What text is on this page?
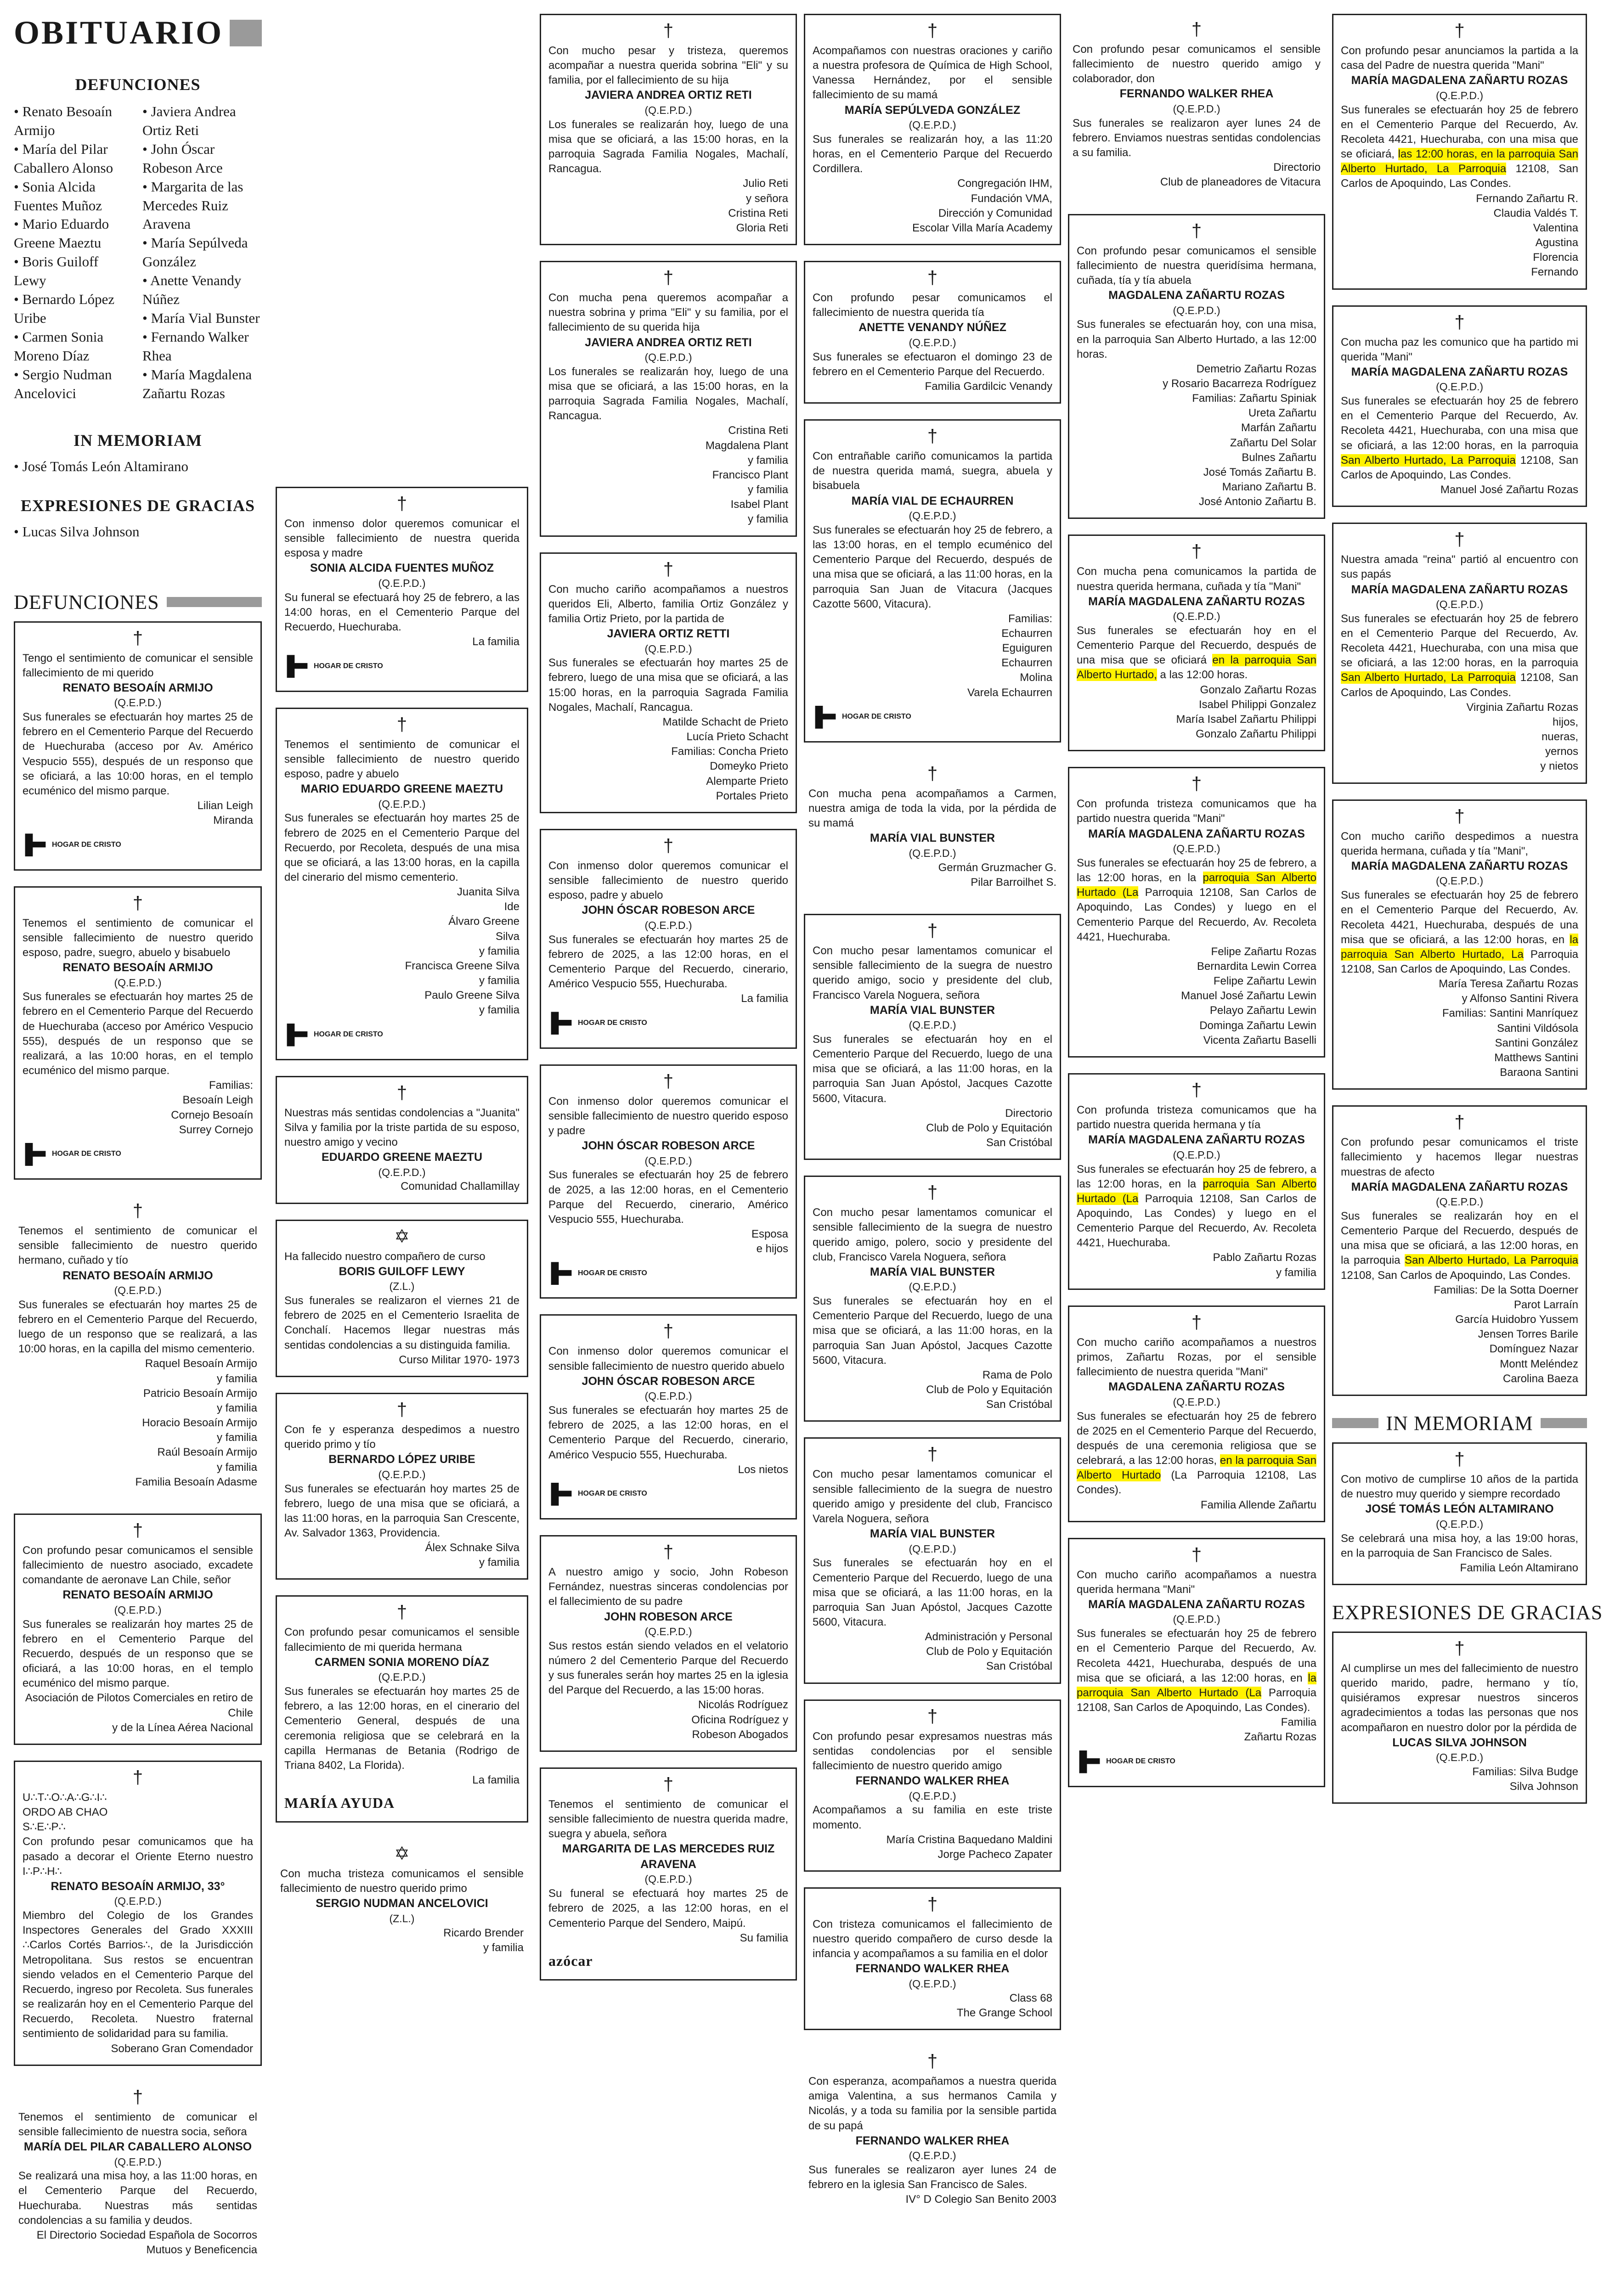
OBITUARIO
DEFUNCIONES
• Renato Besoaín Armijo
• María del Pilar Caballero Alonso
• Sonia Alcida Fuentes Muñoz
• Mario Eduardo Greene Maeztu
• Boris Guiloff Lewy
• Bernardo López Uribe
• Carmen Sonia Moreno Díaz
• Sergio Nudman Ancelovici
• Javiera Andrea Ortiz Reti
• John Óscar Robeson Arce
• Margarita de las Mercedes Ruiz Aravena
• María Sepúlveda González
• Anette Venandy Núñez
• María Vial Bunster
• Fernando Walker Rhea
• María Magdalena Zañartu Rozas
IN MEMORIAM
• José Tomás León Altamirano
EXPRESIONES DE GRACIAS
• Lucas Silva Johnson
DEFUNCIONES
†
Tengo el sentimiento de comunicar el sensible fallecimiento de mi querido
RENATO BESOAÍN ARMIJO
(Q.E.P.D.)
Sus funerales se efectuarán hoy martes 25 de febrero en el Cementerio Parque del Recuerdo de Huechuraba (acceso por Av. Américo Vespucio 555), después de un responso que se oficiará, a las 10:00 horas, en el templo ecuménico del mismo parque.
Lilian Leigh
Miranda
HOGAR DE CRISTO
†
Tenemos el sentimiento de comunicar el sensible fallecimiento de nuestro querido esposo, padre, suegro, abuelo y bisabuelo
RENATO BESOAÍN ARMIJO
(Q.E.P.D.)
Sus funerales se efectuarán hoy martes 25 de febrero en el Cementerio Parque del Recuerdo de Huechuraba (acceso por Américo Vespucio 555), después de un responso que se realizará, a las 10:00 horas, en el templo ecuménico del mismo parque.
Familias:
Besoaín Leigh
Cornejo Besoaín
Surrey Cornejo
HOGAR DE CRISTO
†
Tenemos el sentimiento de comunicar el sensible fallecimiento de nuestro querido hermano, cuñado y tío
RENATO BESOAÍN ARMIJO
(Q.E.P.D.)
Sus funerales se efectuarán hoy martes 25 de febrero en el Cementerio Parque del Recuerdo, luego de un responso que se realizará, a las 10:00 horas, en la capilla del mismo cementerio.
Raquel Besoaín Armijo
y familia
Patricio Besoaín Armijo
y familia
Horacio Besoaín Armijo
y familia
Raúl Besoaín Armijo
y familia
Familia Besoaín Adasme
†
Con profundo pesar comunicamos el sensible fallecimiento de nuestro asociado, excadete comandante de aeronave Lan Chile, señor
RENATO BESOAÍN ARMIJO
(Q.E.P.D.)
Sus funerales se realizarán hoy martes 25 de febrero en el Cementerio Parque del Recuerdo, después de un responso que se oficiará, a las 10:00 horas, en el templo ecuménico del mismo parque.
Asociación de Pilotos Comerciales en retiro de Chile
y de la Línea Aérea Nacional
†
U∴T∴O∴A∴G∴I∴
ORDO AB CHAO
S∴E∴P∴
Con profundo pesar comunicamos que ha pasado a decorar el Oriente Eterno nuestro I∴P∴H∴
RENATO BESOAÍN ARMIJO, 33°
(Q.E.P.D.)
Miembro del Colegio de los Grandes Inspectores Generales del Grado XXXIII ∴Carlos Cortés Barrios∴, de la Jurisdicción Metropolitana. Sus restos se encuentran siendo velados en el Cementerio Parque del Recuerdo, ingreso por Recoleta. Sus funerales se realizarán hoy en el Cementerio Parque del Recuerdo, Recoleta. Nuestro fraternal sentimiento de solidaridad para su familia.
Soberano Gran Comendador
†
Tenemos el sentimiento de comunicar el sensible fallecimiento de nuestra socia, señora
MARÍA DEL PILAR CABALLERO ALONSO
(Q.E.P.D.)
Se realizará una misa hoy, a las 11:00 horas, en el Cementerio Parque del Recuerdo, Huechuraba. Nuestras más sentidas condolencias a su familia y deudos.
El Directorio Sociedad Española de Socorros Mutuos y Beneficencia
†
Con inmenso dolor queremos comunicar el sensible fallecimiento de nuestra querida esposa y madre
SONIA ALCIDA FUENTES MUÑOZ
(Q.E.P.D.)
Su funeral se efectuará hoy 25 de febrero, a las 14:00 horas, en el Cementerio Parque del Recuerdo, Huechuraba.
La familia
HOGAR DE CRISTO
†
Tenemos el sentimiento de comunicar el sensible fallecimiento de nuestro querido esposo, padre y abuelo
MARIO EDUARDO GREENE MAEZTU
(Q.E.P.D.)
Sus funerales se efectuarán hoy martes 25 de febrero de 2025 en el Cementerio Parque del Recuerdo, por Recoleta, después de una misa que se oficiará, a las 13:00 horas, en la capilla del cinerario del mismo cementerio.
Juanita Silva
Ide
Álvaro Greene
Silva
y familia
Francisca Greene Silva
y familia
Paulo Greene Silva
y familia
HOGAR DE CRISTO
†
Nuestras más sentidas condolencias a "Juanita" Silva y familia por la triste partida de su esposo, nuestro amigo y vecino
EDUARDO GREENE MAEZTU
(Q.E.P.D.)
Comunidad Challamillay
✡
Ha fallecido nuestro compañero de curso
BORIS GUILOFF LEWY
(Z.L.)
Sus funerales se realizaron el viernes 21 de febrero de 2025 en el Cementerio Israelita de Conchalí. Hacemos llegar nuestras más sentidas condolencias a su distinguida familia.
Curso Militar 1970- 1973
†
Con fe y esperanza despedimos a nuestro querido primo y tío
BERNARDO LÓPEZ URIBE
(Q.E.P.D.)
Sus funerales se efectuarán hoy martes 25 de febrero, luego de una misa que se oficiará, a las 11:00 horas, en la parroquia San Crescente, Av. Salvador 1363, Providencia.
Álex Schnake Silva
y familia
†
Con profundo pesar comunicamos el sensible fallecimiento de mi querida hermana
CARMEN SONIA MORENO DÍAZ
(Q.E.P.D.)
Sus funerales se efectuarán hoy martes 25 de febrero, a las 12:00 horas, en el cinerario del Cementerio General, después de una ceremonia religiosa que se celebrará en la capilla Hermanas de Betania (Rodrigo de Triana 8402, La Florida).
La familia
MARÍA AYUDA
✡
Con mucha tristeza comunicamos el sensible fallecimiento de nuestro querido primo
SERGIO NUDMAN ANCELOVICI
(Z.L.)
Ricardo Brender
y familia
†
Con mucho pesar y tristeza, queremos acompañar a nuestra querida sobrina "Eli" y su familia, por el fallecimiento de su hija
JAVIERA ANDREA ORTIZ RETI
(Q.E.P.D.)
Los funerales se realizarán hoy, luego de una misa que se oficiará, a las 15:00 horas, en la parroquia Sagrada Familia Nogales, Machalí, Rancagua.
Julio Reti
y señora
Cristina Reti
Gloria Reti
†
Con mucha pena queremos acompañar a nuestra sobrina y prima "Eli" y su familia, por el fallecimiento de su querida hija
JAVIERA ANDREA ORTIZ RETI
(Q.E.P.D.)
Los funerales se realizarán hoy, luego de una misa que se oficiará, a las 15:00 horas, en la parroquia Sagrada Familia Nogales, Machalí, Rancagua.
Cristina Reti
Magdalena Plant
y familia
Francisco Plant
y familia
Isabel Plant
y familia
†
Con mucho cariño acompañamos a nuestros queridos Eli, Alberto, familia Ortiz González y familia Ortiz Prieto, por la partida de
JAVIERA ORTIZ RETTI
(Q.E.P.D.)
Sus funerales se efectuarán hoy martes 25 de febrero, luego de una misa que se oficiará, a las 15:00 horas, en la parroquia Sagrada Familia Nogales, Machalí, Rancagua.
Matilde Schacht de Prieto
Lucía Prieto Schacht
Familias: Concha Prieto
Domeyko Prieto
Alemparte Prieto
Portales Prieto
†
Con inmenso dolor queremos comunicar el sensible fallecimiento de nuestro querido esposo, padre y abuelo
JOHN ÓSCAR ROBESON ARCE
(Q.E.P.D.)
Sus funerales se efectuarán hoy martes 25 de febrero de 2025, a las 12:00 horas, en el Cementerio Parque del Recuerdo, cinerario, Américo Vespucio 555, Huechuraba.
La familia
HOGAR DE CRISTO
†
Con inmenso dolor queremos comunicar el sensible fallecimiento de nuestro querido esposo y padre
JOHN ÓSCAR ROBESON ARCE
(Q.E.P.D.)
Sus funerales se efectuarán hoy 25 de febrero de 2025, a las 12:00 horas, en el Cementerio Parque del Recuerdo, cinerario, Américo Vespucio 555, Huechuraba.
Esposa
e hijos
HOGAR DE CRISTO
†
Con inmenso dolor queremos comunicar el sensible fallecimiento de nuestro querido abuelo
JOHN ÓSCAR ROBESON ARCE
(Q.E.P.D.)
Sus funerales se efectuarán hoy martes 25 de febrero de 2025, a las 12:00 horas, en el Cementerio Parque del Recuerdo, cinerario, Américo Vespucio 555, Huechuraba.
Los nietos
HOGAR DE CRISTO
†
A nuestro amigo y socio, John Robeson Fernández, nuestras sinceras condolencias por el fallecimiento de su padre
JOHN ROBESON ARCE
(Q.E.P.D.)
Sus restos están siendo velados en el velatorio número 2 del Cementerio Parque del Recuerdo y sus funerales serán hoy martes 25 en la iglesia del Parque del Recuerdo, a las 15:00 horas.
Nicolás Rodríguez
Oficina Rodríguez y
Robeson Abogados
†
Tenemos el sentimiento de comunicar el sensible fallecimiento de nuestra querida madre, suegra y abuela, señora
MARGARITA DE LAS MERCEDES RUIZ ARAVENA
(Q.E.P.D.)
Su funeral se efectuará hoy martes 25 de febrero de 2025, a las 12:00 horas, en el Cementerio Parque del Sendero, Maipú.
Su familia
azócar
†
Acompañamos con nuestras oraciones y cariño a nuestra profesora de Química de High School, Vanessa Hernández, por el sensible fallecimiento de su mamá
MARÍA SEPÚLVEDA GONZÁLEZ
(Q.E.P.D.)
Sus funerales se realizarán hoy, a las 11:20 horas, en el Cementerio Parque del Recuerdo Cordillera.
Congregación IHM,
Fundación VMA,
Dirección y Comunidad
Escolar Villa María Academy
†
Con profundo pesar comunicamos el fallecimiento de nuestra querida tía
ANETTE VENANDY NÚÑEZ
(Q.E.P.D.)
Sus funerales se efectuaron el domingo 23 de febrero en el Cementerio Parque del Recuerdo.
Familia Gardilcic Venandy
†
Con entrañable cariño comunicamos la partida de nuestra querida mamá, suegra, abuela y bisabuela
MARÍA VIAL DE ECHAURREN
(Q.E.P.D.)
Sus funerales se efectuarán hoy 25 de febrero, a las 13:00 horas, en el templo ecuménico del Cementerio Parque del Recuerdo, después de una misa que se oficiará, a las 11:00 horas, en la parroquia San Juan de Vitacura (Jacques Cazotte 5600, Vitacura).
Familias:
Echaurren
Eguiguren
Echaurren
Molina
Varela Echaurren
HOGAR DE CRISTO
†
Con mucha pena acompañamos a Carmen, nuestra amiga de toda la vida, por la pérdida de su mamá
MARÍA VIAL BUNSTER
(Q.E.P.D.)
Germán Gruzmacher G.
Pilar Barroilhet S.
†
Con mucho pesar lamentamos comunicar el sensible fallecimiento de la suegra de nuestro querido amigo, socio y presidente del club, Francisco Varela Noguera, señora
MARÍA VIAL BUNSTER
(Q.E.P.D.)
Sus funerales se efectuarán hoy en el Cementerio Parque del Recuerdo, luego de una misa que se oficiará, a las 11:00 horas, en la parroquia San Juan Apóstol, Jacques Cazotte 5600, Vitacura.
Directorio
Club de Polo y Equitación
San Cristóbal
†
Con mucho pesar lamentamos comunicar el sensible fallecimiento de la suegra de nuestro querido amigo, polero, socio y presidente del club, Francisco Varela Noguera, señora
MARÍA VIAL BUNSTER
(Q.E.P.D.)
Sus funerales se efectuarán hoy en el Cementerio Parque del Recuerdo, luego de una misa que se oficiará, a las 11:00 horas, en la parroquia San Juan Apóstol, Jacques Cazotte 5600, Vitacura.
Rama de Polo
Club de Polo y Equitación
San Cristóbal
†
Con mucho pesar lamentamos comunicar el sensible fallecimiento de la suegra de nuestro querido amigo y presidente del club, Francisco Varela Noguera, señora
MARÍA VIAL BUNSTER
(Q.E.P.D.)
Sus funerales se efectuarán hoy en el Cementerio Parque del Recuerdo, luego de una misa que se oficiará, a las 11:00 horas, en la parroquia San Juan Apóstol, Jacques Cazotte 5600, Vitacura.
Administración y Personal
Club de Polo y Equitación
San Cristóbal
†
Con profundo pesar expresamos nuestras más sentidas condolencias por el sensible fallecimiento de nuestro querido amigo
FERNANDO WALKER RHEA
(Q.E.P.D.)
Acompañamos a su familia en este triste momento.
María Cristina Baquedano Maldini
Jorge Pacheco Zapater
†
Con tristeza comunicamos el fallecimiento de nuestro querido compañero de curso desde la infancia y acompañamos a su familia en el dolor
FERNANDO WALKER RHEA
(Q.E.P.D.)
Class 68
The Grange School
†
Con esperanza, acompañamos a nuestra querida amiga Valentina, a sus hermanos Camila y Nicolás, y a toda su familia por la sensible partida de su papá
FERNANDO WALKER RHEA
(Q.E.P.D.)
Sus funerales se realizaron ayer lunes 24 de febrero en la iglesia San Francisco de Sales.
IV° D Colegio San Benito 2003
†
Con profundo pesar comunicamos el sensible fallecimiento de nuestro querido amigo y colaborador, don
FERNANDO WALKER RHEA
(Q.E.P.D.)
Sus funerales se realizaron ayer lunes 24 de febrero. Enviamos nuestras sentidas condolencias a su familia.
Directorio
Club de planeadores de Vitacura
†
Con profundo pesar comunicamos el sensible fallecimiento de nuestra queridísima hermana, cuñada, tía y tía abuela
MAGDALENA ZAÑARTU ROZAS
(Q.E.P.D.)
Sus funerales se efectuarán hoy, con una misa, en la parroquia San Alberto Hurtado, a las 12:00 horas.
Demetrio Zañartu Rozas
y Rosario Bacarreza Rodríguez
Familias: Zañartu Spiniak
Ureta Zañartu
Marfán Zañartu
Zañartu Del Solar
Bulnes Zañartu
José Tomás Zañartu B.
Mariano Zañartu B.
José Antonio Zañartu B.
†
Con mucha pena comunicamos la partida de nuestra querida hermana, cuñada y tía "Mani"
MARÍA MAGDALENA ZAÑARTU ROZAS
(Q.E.P.D.)
Sus funerales se efectuarán hoy en el Cementerio Parque del Recuerdo, después de una misa que se oficiará en la parroquia San Alberto Hurtado, a las 12:00 horas.
Gonzalo Zañartu Rozas
Isabel Philippi Gonzalez
María Isabel Zañartu Philippi
Gonzalo Zañartu Philippi
†
Con profunda tristeza comunicamos que ha partido nuestra querida "Mani"
MARÍA MAGDALENA ZAÑARTU ROZAS
(Q.E.P.D.)
Sus funerales se efectuarán hoy 25 de febrero, a las 12:00 horas, en la parroquia San Alberto Hurtado (La Parroquia 12108, San Carlos de Apoquindo, Las Condes) y luego en el Cementerio Parque del Recuerdo, Av. Recoleta 4421, Huechuraba.
Felipe Zañartu Rozas
Bernardita Lewin Correa
Felipe Zañartu Lewin
Manuel José Zañartu Lewin
Pelayo Zañartu Lewin
Dominga Zañartu Lewin
Vicenta Zañartu Baselli
†
Con profunda tristeza comunicamos que ha partido nuestra querida hermana y tía
MARÍA MAGDALENA ZAÑARTU ROZAS
(Q.E.P.D.)
Sus funerales se efectuarán hoy 25 de febrero, a las 12:00 horas, en la parroquia San Alberto Hurtado (La Parroquia 12108, San Carlos de Apoquindo, Las Condes) y luego en el Cementerio Parque del Recuerdo, Av. Recoleta 4421, Huechuraba.
Pablo Zañartu Rozas
y familia
†
Con mucho cariño acompañamos a nuestros primos, Zañartu Rozas, por el sensible fallecimiento de nuestra querida "Mani"
MAGDALENA ZAÑARTU ROZAS
(Q.E.P.D.)
Sus funerales se efectuarán hoy 25 de febrero de 2025 en el Cementerio Parque del Recuerdo, después de una ceremonia religiosa que se celebrará, a las 12:00 horas, en la parroquia San Alberto Hurtado (La Parroquia 12108, Las Condes).
Familia Allende Zañartu
†
Con mucho cariño acompañamos a nuestra querida hermana "Mani"
MARÍA MAGDALENA ZAÑARTU ROZAS
(Q.E.P.D.)
Sus funerales se efectuarán hoy 25 de febrero en el Cementerio Parque del Recuerdo, Av. Recoleta 4421, Huechuraba, después de una misa que se oficiará, a las 12:00 horas, en la parroquia San Alberto Hurtado (La Parroquia 12108, San Carlos de Apoquindo, Las Condes).
Familia
Zañartu Rozas
HOGAR DE CRISTO
†
Con profundo pesar anunciamos la partida a la casa del Padre de nuestra querida "Mani"
MARÍA MAGDALENA ZAÑARTU ROZAS
(Q.E.P.D.)
Sus funerales se efectuarán hoy 25 de febrero en el Cementerio Parque del Recuerdo, Av. Recoleta 4421, Huechuraba, con una misa que se oficiará, las 12:00 horas, en la parroquia San Alberto Hurtado, La Parroquia 12108, San Carlos de Apoquindo, Las Condes.
Fernando Zañartu R.
Claudia Valdés T.
Valentina
Agustina
Florencia
Fernando
†
Con mucha paz les comunico que ha partido mi querida "Mani"
MARÍA MAGDALENA ZAÑARTU ROZAS
(Q.E.P.D.)
Sus funerales se efectuarán hoy 25 de febrero en el Cementerio Parque del Recuerdo, Av. Recoleta 4421, Huechuraba, con una misa que se oficiará, a las 12:00 horas, en la parroquia San Alberto Hurtado, La Parroquia 12108, San Carlos de Apoquindo, Las Condes.
Manuel José Zañartu Rozas
†
Nuestra amada "reina" partió al encuentro con sus papás
MARÍA MAGDALENA ZAÑARTU ROZAS
(Q.E.P.D.)
Sus funerales se efectuarán hoy 25 de febrero en el Cementerio Parque del Recuerdo, Av. Recoleta 4421, Huechuraba, con una misa que se oficiará, a las 12:00 horas, en la parroquia San Alberto Hurtado, La Parroquia 12108, San Carlos de Apoquindo, Las Condes.
Virginia Zañartu Rozas
hijos,
nueras,
yernos
y nietos
†
Con mucho cariño despedimos a nuestra querida hermana, cuñada y tía "Mani",
MARÍA MAGDALENA ZAÑARTU ROZAS
(Q.E.P.D.)
Sus funerales se efectuarán hoy 25 de febrero en el Cementerio Parque del Recuerdo, Av. Recoleta 4421, Huechuraba, después de una misa que se oficiará, a las 12:00 horas, en la parroquia San Alberto Hurtado, La Parroquia 12108, San Carlos de Apoquindo, Las Condes.
María Teresa Zañartu Rozas
y Alfonso Santini Rivera
Familias: Santini Manríquez
Santini Vildósola
Santini González
Matthews Santini
Baraona Santini
†
Con profundo pesar comunicamos el triste fallecimiento y hacemos llegar nuestras muestras de afecto
MARÍA MAGDALENA ZAÑARTU ROZAS
(Q.E.P.D.)
Sus funerales se realizarán hoy en el Cementerio Parque del Recuerdo, después de una misa que se oficiará, a las 12:00 horas, en la parroquia San Alberto Hurtado, La Parroquia 12108, San Carlos de Apoquindo, Las Condes.
Familias: De la Sotta Doerner
Parot Larraín
García Huidobro Yussem
Jensen Torres Barile
Domínguez Nazar
Montt Meléndez
Carolina Baeza
IN MEMORIAM
†
Con motivo de cumplirse 10 años de la partida de nuestro muy querido y siempre recordado
JOSÉ TOMÁS LEÓN ALTAMIRANO
(Q.E.P.D.)
Se celebrará una misa hoy, a las 19:00 horas, en la parroquia de San Francisco de Sales.
Familia León Altamirano
EXPRESIONES DE GRACIAS
†
Al cumplirse un mes del fallecimiento de nuestro querido marido, padre, hermano y tío, quisiéramos expresar nuestros sinceros agradecimientos a todas las personas que nos acompañaron en nuestro dolor por la pérdida de
LUCAS SILVA JOHNSON
(Q.E.P.D.)
Familias: Silva Budge
Silva Johnson
